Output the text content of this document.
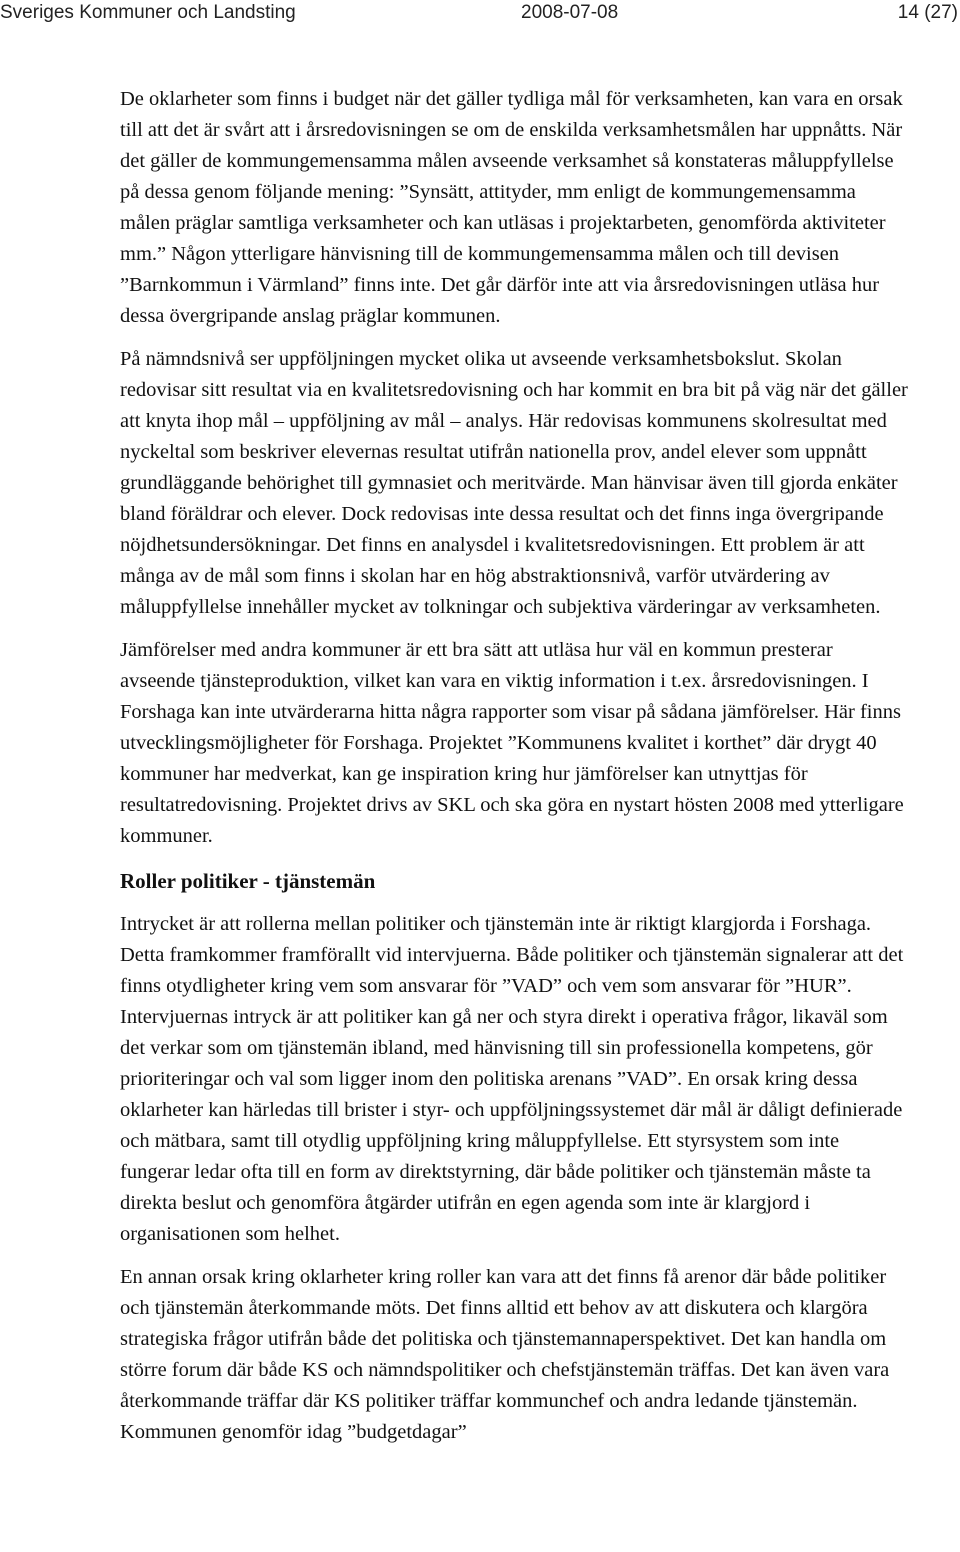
Sveriges Kommuner och Landsting	2008-07-08	14 (27)

De oklarheter som finns i budget när det gäller tydliga mål för verksamheten, kan vara en orsak till att det är svårt att i årsredovisningen se om de enskilda verksamhetsmålen har uppnåtts. När det gäller de kommungemensamma målen avseende verksamhet så konstateras måluppfyllelse på dessa genom följande mening: ”Synsätt, attityder, mm enligt de kommungemensamma målen präglar samtliga verksamheter och kan utläsas i projektarbeten, genomförda aktiviteter mm.” Någon ytterligare hänvisning till de kommungemensamma målen och till devisen ”Barnkommun i Värmland” finns inte. Det går därför inte att via årsredovisningen utläsa hur dessa övergripande anslag präglar kommunen.

På nämndsnivå ser uppföljningen mycket olika ut avseende verksamhetsbokslut. Skolan redovisar sitt resultat via en kvalitetsredovisning och har kommit en bra bit på väg när det gäller att knyta ihop mål – uppföljning av mål – analys. Här redovisas kommunens skolresultat med nyckeltal som beskriver elevernas resultat utifrån nationella prov, andel elever som uppnått grundläggande behörighet till gymnasiet och meritvärde. Man hänvisar även till gjorda enkäter bland föräldrar och elever. Dock redovisas inte dessa resultat och det finns inga övergripande nöjdhetsundersökningar. Det finns en analysdel i kvalitetsredovisningen. Ett problem är att många av de mål som finns i skolan har en hög abstraktionsnivå, varför utvärdering av måluppfyllelse innehåller mycket av tolkningar och subjektiva värderingar av verksamheten.

Jämförelser med andra kommuner är ett bra sätt att utläsa hur väl en kommun presterar avseende tjänsteproduktion, vilket kan vara en viktig information i t.ex. årsredovisningen. I Forshaga kan inte utvärderarna hitta några rapporter som visar på sådana jämförelser. Här finns utvecklingsmöjligheter för Forshaga. Projektet ”Kommunens kvalitet i korthet” där drygt 40 kommuner har medverkat, kan ge inspiration kring hur jämförelser kan utnyttjas för resultatredovisning. Projektet drivs av SKL och ska göra en nystart hösten 2008 med ytterligare kommuner.

Roller politiker - tjänstemän

Intrycket är att rollerna mellan politiker och tjänstemän inte är riktigt klargjorda i Forshaga. Detta framkommer framförallt vid intervjuerna. Både politiker och tjänstemän signalerar att det finns otydligheter kring vem som ansvarar för ”VAD” och vem som ansvarar för ”HUR”. Intervjuernas intryck är att politiker kan gå ner och styra direkt i operativa frågor, likaväl som det verkar som om tjänstemän ibland, med hänvisning till sin professionella kompetens, gör prioriteringar och val som ligger inom den politiska arenans ”VAD”. En orsak kring dessa oklarheter kan härledas till brister i styr- och uppföljningssystemet där mål är dåligt definierade och mätbara, samt till otydlig uppföljning kring måluppfyllelse. Ett styrsystem som inte fungerar ledar ofta till en form av direktstyrning, där både politiker och tjänstemän måste ta direkta beslut och genomföra åtgärder utifrån en egen agenda som inte är klargjord i organisationen som helhet.

En annan orsak kring oklarheter kring roller kan vara att det finns få arenor där både politiker och tjänstemän återkommande möts. Det finns alltid ett behov av att diskutera och klargöra strategiska frågor utifrån både det politiska och tjänstemannaperspektivet. Det kan handla om större forum där både KS och nämndspolitiker och chefstjänstemän träffas. Det kan även vara återkommande träffar där KS politiker träffar kommunchef och andra ledande tjänstemän. Kommunen genomför idag ”budgetdagar”
